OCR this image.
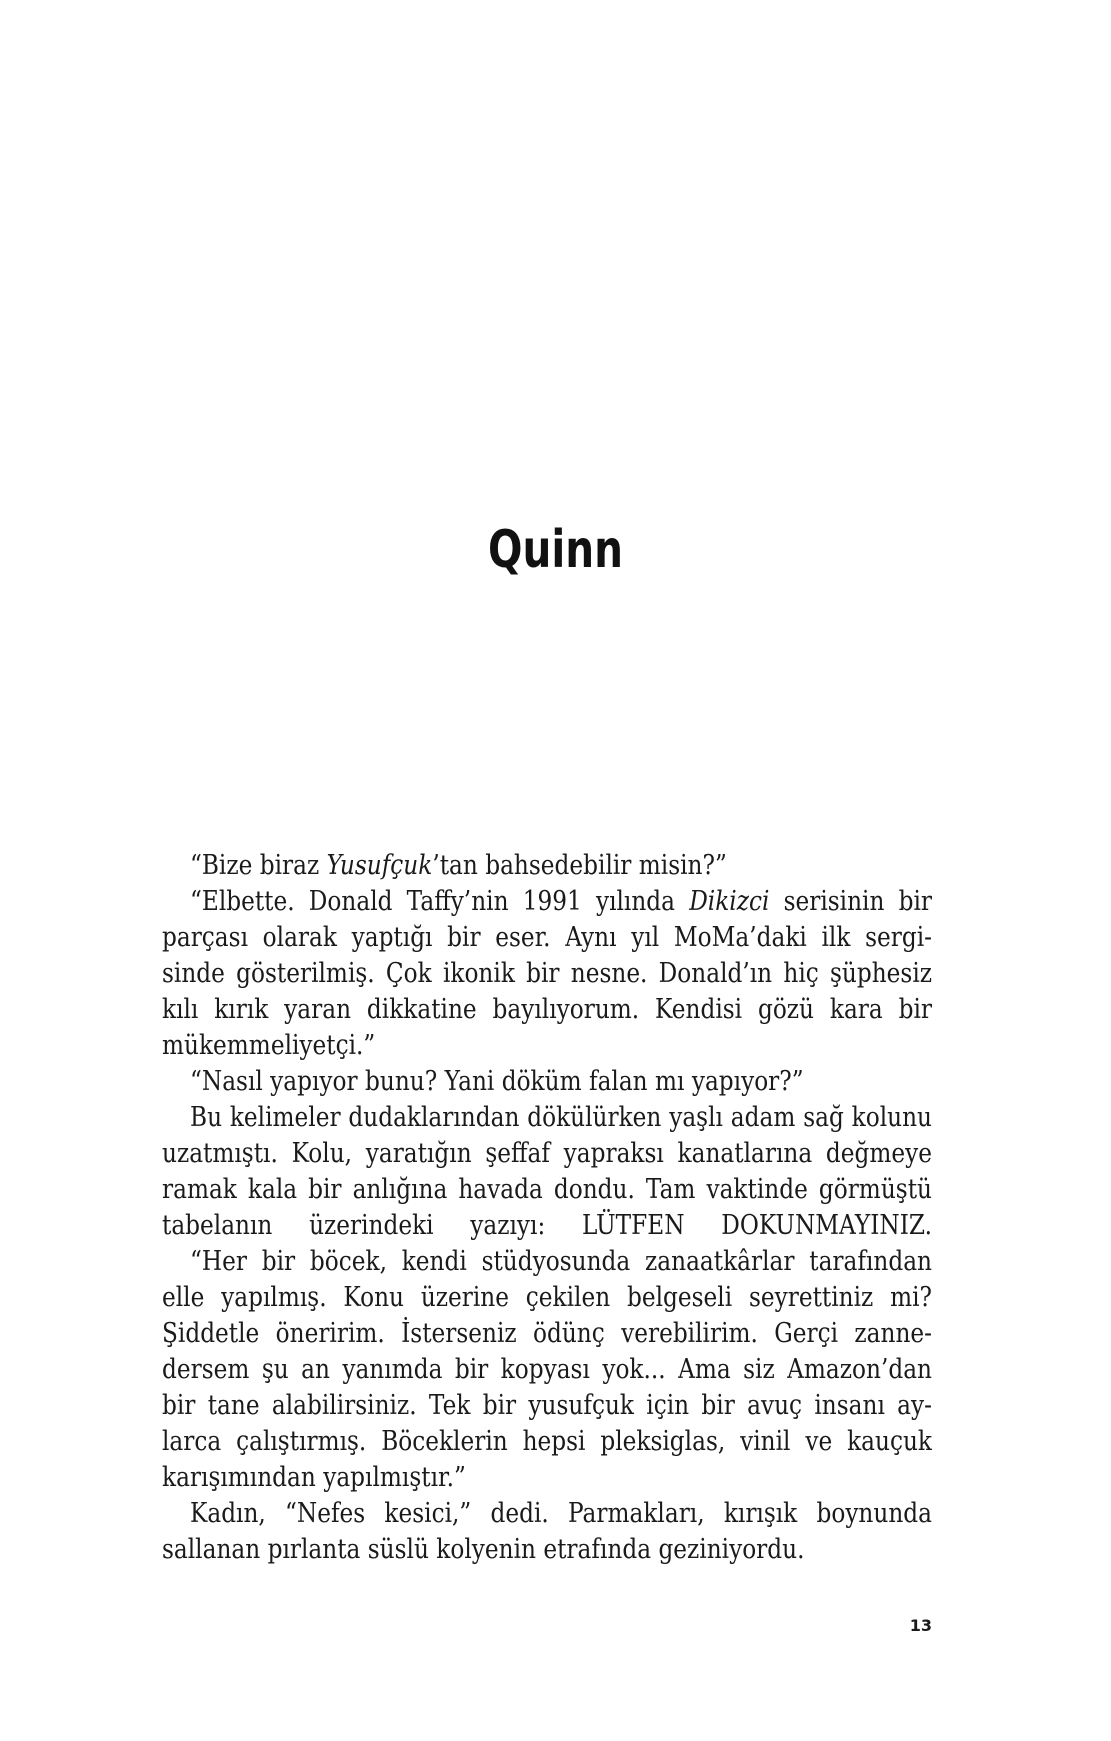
Quinn
“Bize biraz Yusufçuk’tan bahsedebilir misin?”
“Elbette. Donald Taffy’nin 1991 yılında Dikizci serisinin bir
parçası olarak yaptığı bir eser. Aynı yıl MoMa’daki ilk sergi-
sinde gösterilmiş. Çok ikonik bir nesne. Donald’ın hiç şüphesiz
kılı kırık yaran dikkatine bayılıyorum. Kendisi gözü kara bir
mükemmeliyetçi.”
“Nasıl yapıyor bunu? Yani döküm falan mı yapıyor?”
Bu kelimeler dudaklarından dökülürken yaşlı adam sağ kolunu
uzatmıştı. Kolu, yaratığın şeffaf yapraksı kanatlarına değmeye
ramak kala bir anlığına havada dondu. Tam vaktinde görmüştü
tabelanın üzerindeki yazıyı: LÜTFEN DOKUNMAYINIZ.
“Her bir böcek, kendi stüdyosunda zanaatkârlar tarafından
elle yapılmış. Konu üzerine çekilen belgeseli seyrettiniz mi?
Şiddetle öneririm. İsterseniz ödünç verebilirim. Gerçi zanne-
dersem şu an yanımda bir kopyası yok... Ama siz Amazon’dan
bir tane alabilirsiniz. Tek bir yusufçuk için bir avuç insanı ay-
larca çalıştırmış. Böceklerin hepsi pleksiglas, vinil ve kauçuk
karışımından yapılmıştır.”
Kadın, “Nefes kesici,” dedi. Parmakları, kırışık boynunda
sallanan pırlanta süslü kolyenin etrafında geziniyordu.
13
